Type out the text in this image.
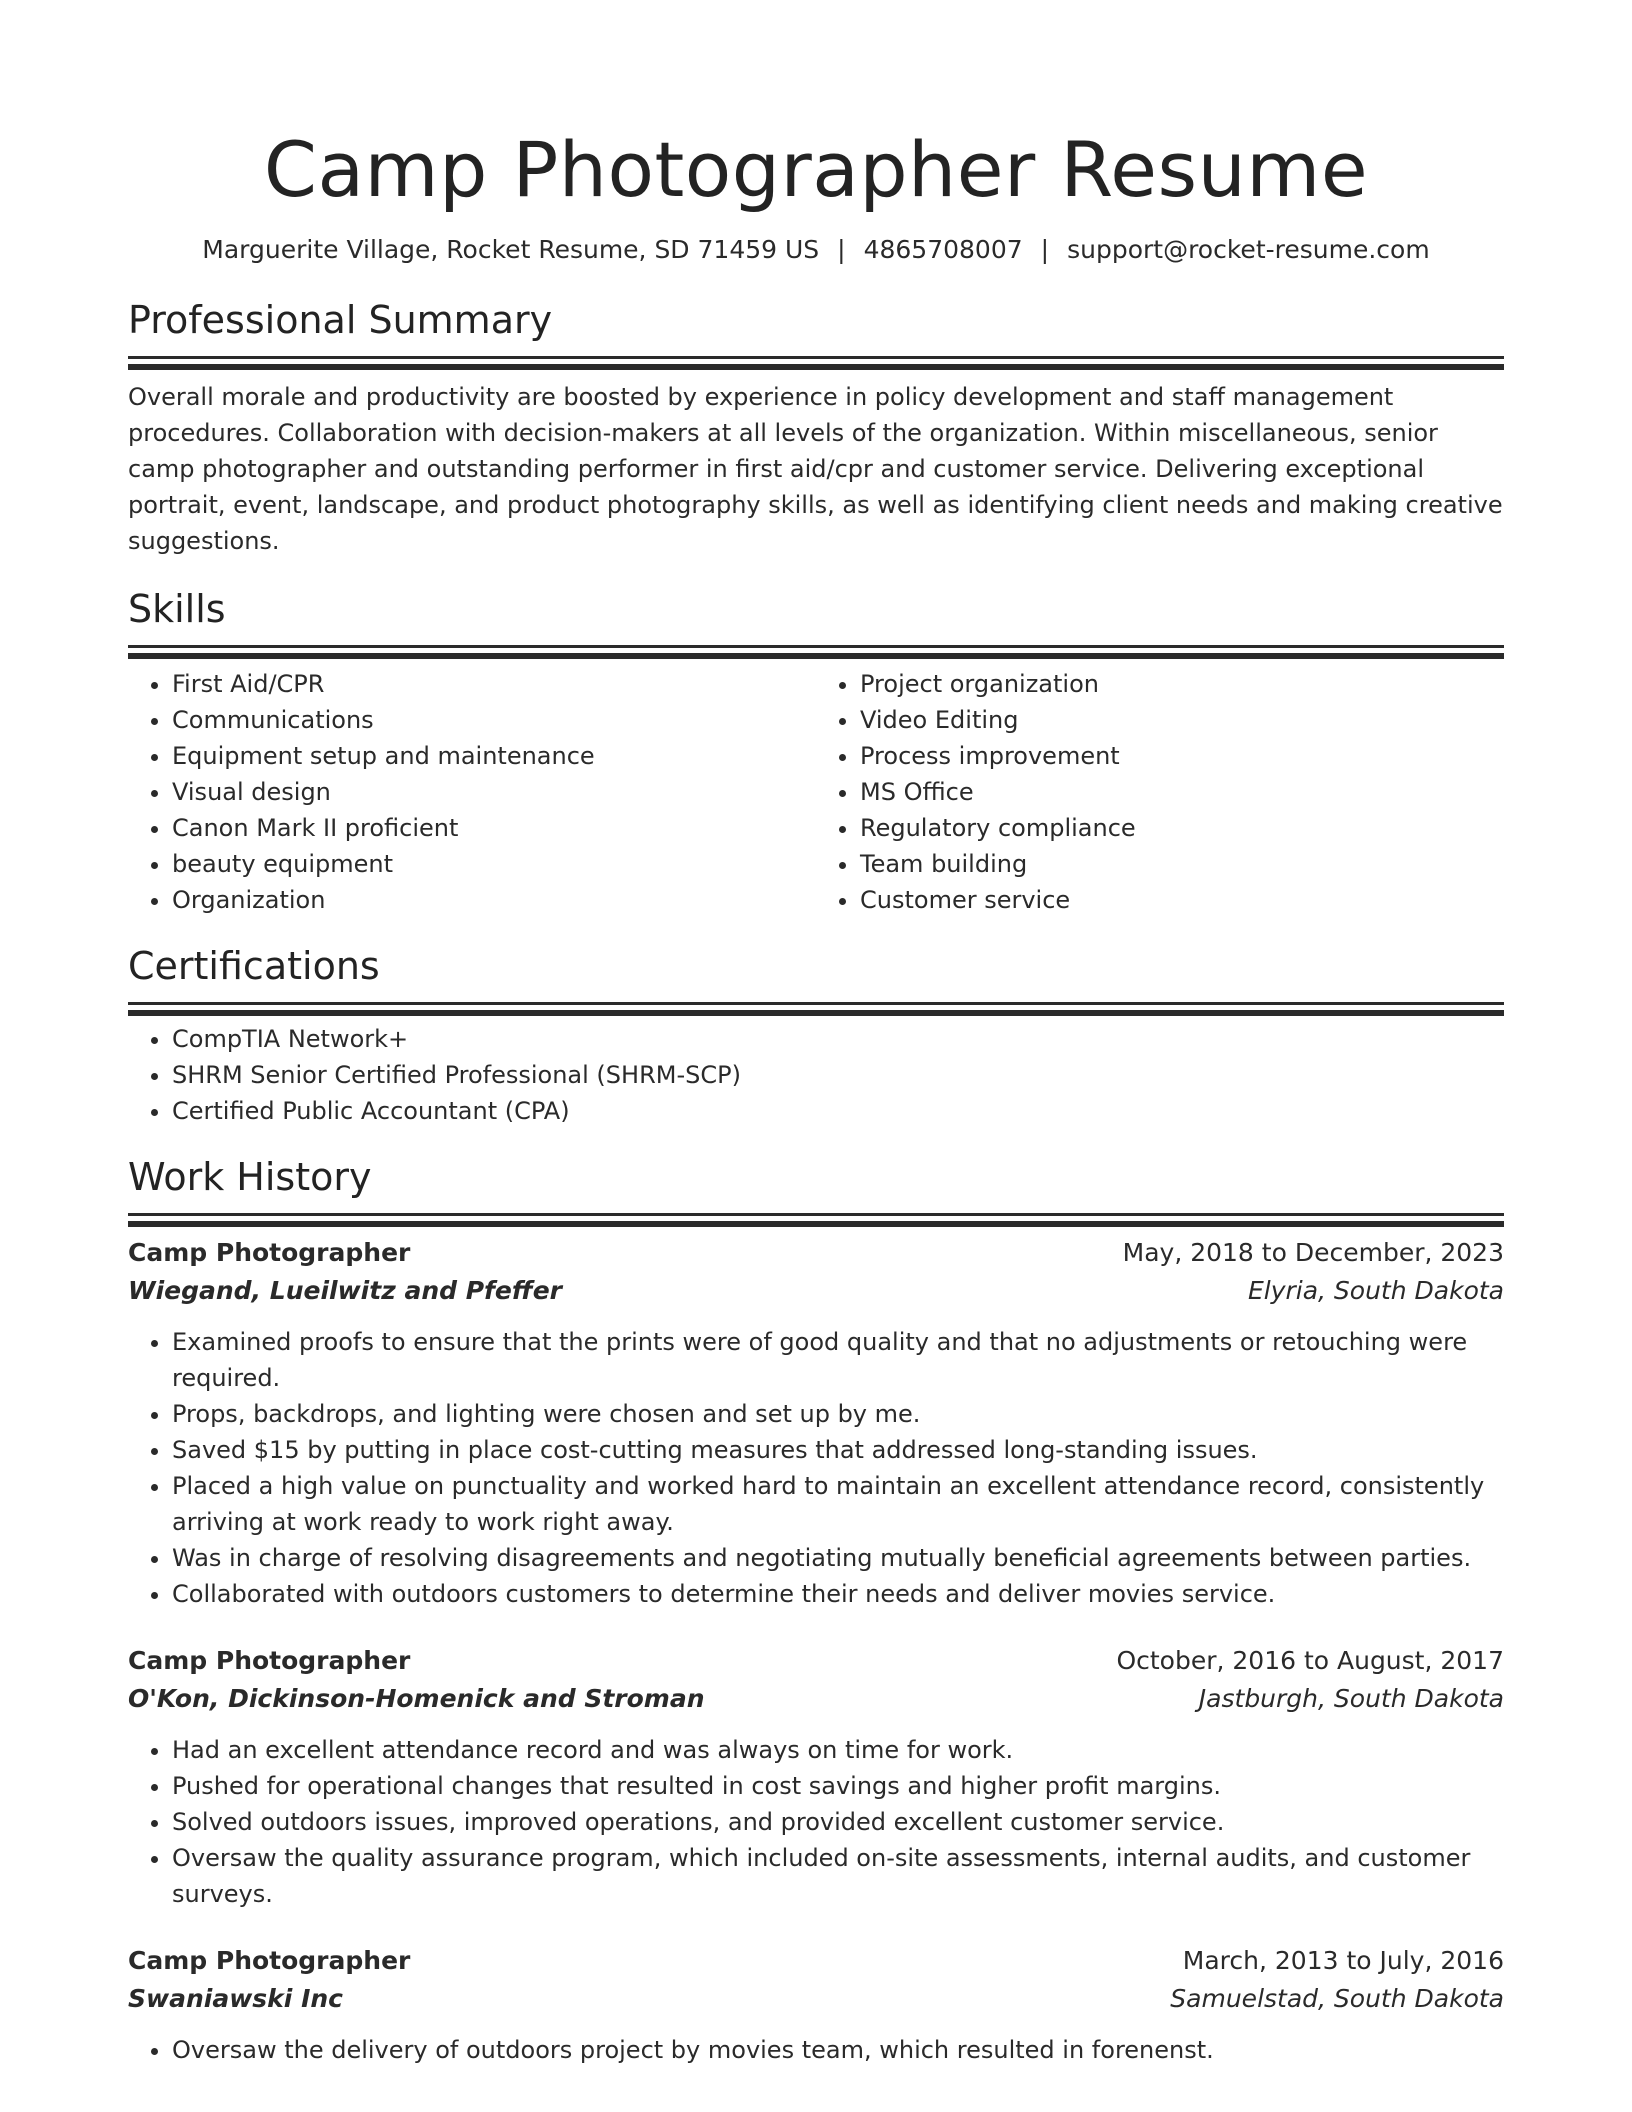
Camp Photographer Resume
Marguerite Village, Rocket Resume, SD 71459 US | 4865708007 | support@rocket-resume.com
Professional Summary

Overall morale and productivity are boosted by experience in policy development and staff management procedures. Collaboration with decision-makers at all levels of the organization. Within miscellaneous, senior camp photographer and outstanding performer in first aid/cpr and customer service. Delivering exceptional portrait, event, landscape, and product photography skills, as well as identifying client needs and making creative suggestions.

Skills
• First Aid/CPR
• Communications
• Equipment setup and maintenance
• Visual design
• Canon Mark II proficient
• beauty equipment
• Organization
• Project organization
• Video Editing
• Process improvement
• MS Office
• Regulatory compliance
• Team building
• Customer service
Certifications
• CompTIA Network+
• SHRM Senior Certified Professional (SHRM-SCP)
• Certified Public Accountant (CPA)
Work History
Camp Photographer	May, 2018 to December, 2023
Wiegand, Lueilwitz and Pfeffer	Elyria, South Dakota
• Examined proofs to ensure that the prints were of good quality and that no adjustments or retouching were required.
• Props, backdrops, and lighting were chosen and set up by me.
• Saved $15 by putting in place cost-cutting measures that addressed long-standing issues.
• Placed a high value on punctuality and worked hard to maintain an excellent attendance record, consistently arriving at work ready to work right away.
• Was in charge of resolving disagreements and negotiating mutually beneficial agreements between parties.
• Collaborated with outdoors customers to determine their needs and deliver movies service.
Camp Photographer	October, 2016 to August, 2017
O'Kon, Dickinson-Homenick and Stroman	Jastburgh, South Dakota
• Had an excellent attendance record and was always on time for work.
• Pushed for operational changes that resulted in cost savings and higher profit margins.
• Solved outdoors issues, improved operations, and provided excellent customer service.
• Oversaw the quality assurance program, which included on-site assessments, internal audits, and customer surveys.
Camp Photographer	March, 2013 to July, 2016
Swaniawski Inc	Samuelstad, South Dakota
• Oversaw the delivery of outdoors project by movies team, which resulted in forenenst.
